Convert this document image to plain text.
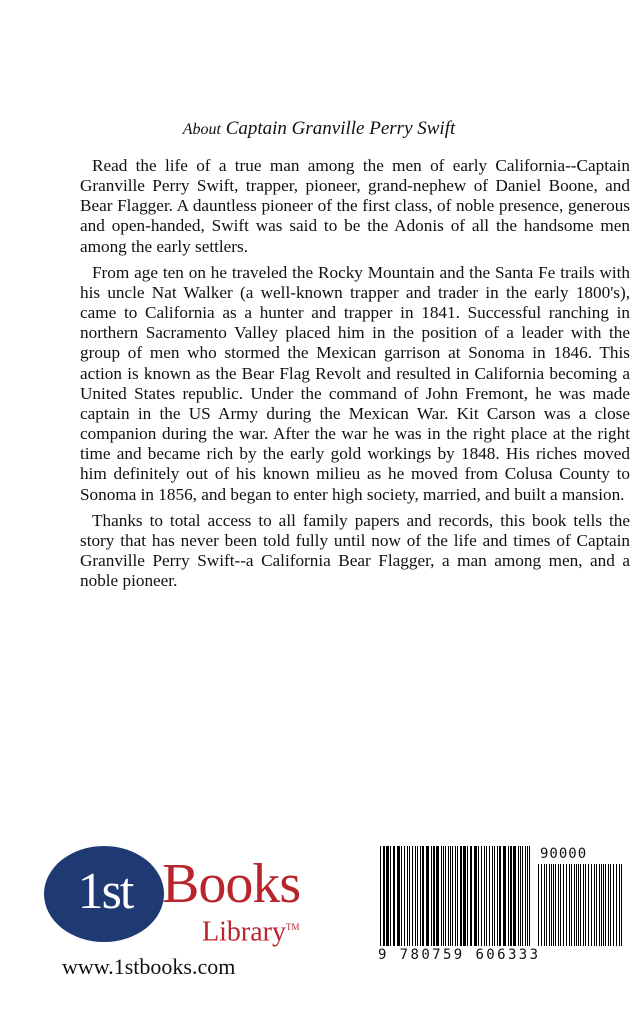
About Captain Granville Perry Swift

Read the life of a true man among the men of early California--Captain Granville Perry Swift, trapper, pioneer, grand-nephew of Daniel Boone, and Bear Flagger. A dauntless pioneer of the first class, of noble presence, generous and open-handed, Swift was said to be the Adonis of all the handsome men among the early settlers.

From age ten on he traveled the Rocky Mountain and the Santa Fe trails with his uncle Nat Walker (a well-known trapper and trader in the early 1800's), came to California as a hunter and trapper in 1841. Successful ranching in northern Sacramento Valley placed him in the position of a leader with the group of men who stormed the Mexican garrison at Sonoma in 1846. This action is known as the Bear Flag Revolt and resulted in California becoming a United States republic. Under the command of John Fremont, he was made captain in the US Army during the Mexican War. Kit Carson was a close companion during the war. After the war he was in the right place at the right time and became rich by the early gold workings by 1848. His riches moved him definitely out of his known milieu as he moved from Colusa County to Sonoma in 1856, and began to enter high society, married, and built a mansion.

Thanks to total access to all family papers and records, this book tells the story that has never been told fully until now of the life and times of Captain Granville Perry Swift--a California Bear Flagger, a man among men, and a noble pioneer.

1st Books
Library™
www.1stbooks.com
90000
9 780759 606333
